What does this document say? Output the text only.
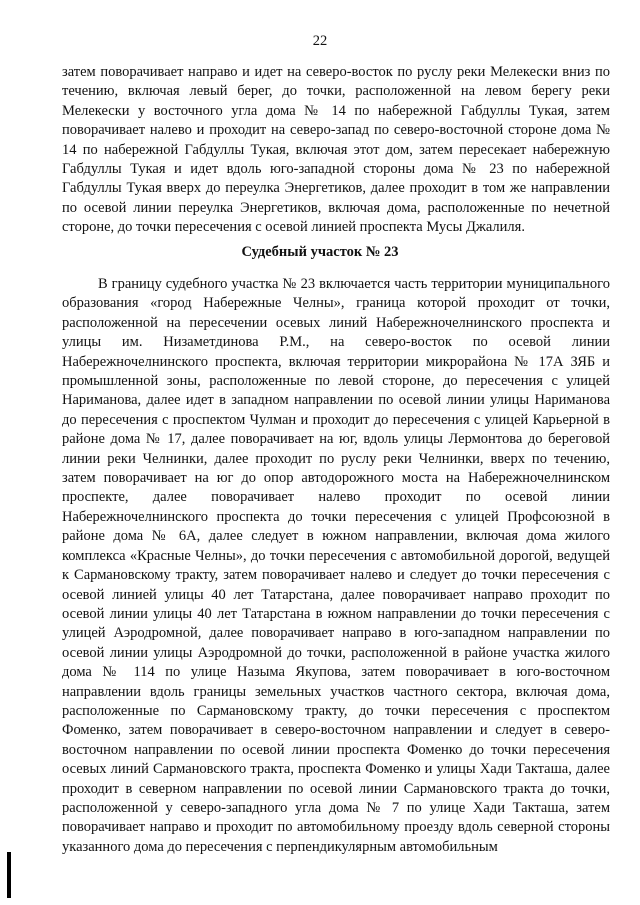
22

затем поворачивает направо и идет на северо-восток по руслу реки Мелекески вниз по течению, включая левый берег, до точки, расположенной на левом берегу реки Мелекески у восточного угла дома № 14 по набережной Габдуллы Тукая, затем поворачивает налево и проходит на северо-запад по северо-восточной стороне дома № 14 по набережной Габдуллы Тукая, включая этот дом, затем пересекает набережную Габдуллы Тукая и идет вдоль юго-западной стороны дома № 23 по набережной Габдуллы Тукая вверх до переулка Энергетиков, далее проходит в том же направлении по осевой линии переулка Энергетиков, включая дома, расположенные по нечетной стороне, до точки пересечения с осевой линией проспекта Мусы Джалиля.

Судебный участок № 23

В границу судебного участка № 23 включается часть территории муниципального образования «город Набережные Челны», граница которой проходит от точки, расположенной на пересечении осевых линий Набережночелнинского проспекта и улицы им. Низаметдинова Р.М., на северо-восток по осевой линии Набережночелнинского проспекта, включая территории микрорайона № 17А ЗЯБ и промышленной зоны, расположенные по левой стороне, до пересечения с улицей Нариманова, далее идет в западном направлении по осевой линии улицы Нариманова до пересечения с проспектом Чулман и проходит до пересечения с улицей Карьерной в районе дома № 17, далее поворачивает на юг, вдоль улицы Лермонтова до береговой линии реки Челнинки, далее проходит по руслу реки Челнинки, вверх по течению, затем поворачивает на юг до опор автодорожного моста на Набережночелнинском проспекте, далее поворачивает налево проходит по осевой линии Набережночелнинского проспекта до точки пересечения с улицей Профсоюзной в районе дома № 6А, далее следует в южном направлении, включая дома жилого комплекса «Красные Челны», до точки пересечения с автомобильной дорогой, ведущей к Сармановскому тракту, затем поворачивает налево и следует до точки пересечения с осевой линией улицы 40 лет Татарстана, далее поворачивает направо проходит по осевой линии улицы 40 лет Татарстана в южном направлении до точки пересечения с улицей Аэродромной, далее поворачивает направо в юго-западном направлении по осевой линии улицы Аэродромной до точки, расположенной в районе участка жилого дома № 114 по улице Назыма Якупова, затем поворачивает в юго-восточном направлении вдоль границы земельных участков частного сектора, включая дома, расположенные по Сармановскому тракту, до точки пересечения с проспектом Фоменко, затем поворачивает в северо-восточном направлении и следует в северо-восточном направлении по осевой линии проспекта Фоменко до точки пересечения осевых линий Сармановского тракта, проспекта Фоменко и улицы Хади Такташа, далее проходит в северном направлении по осевой линии Сармановского тракта до точки, расположенной у северо-западного угла дома № 7 по улице Хади Такташа, затем поворачивает направо и проходит по автомобильному проезду вдоль северной стороны указанного дома до пересечения с перпендикулярным автомобильным
